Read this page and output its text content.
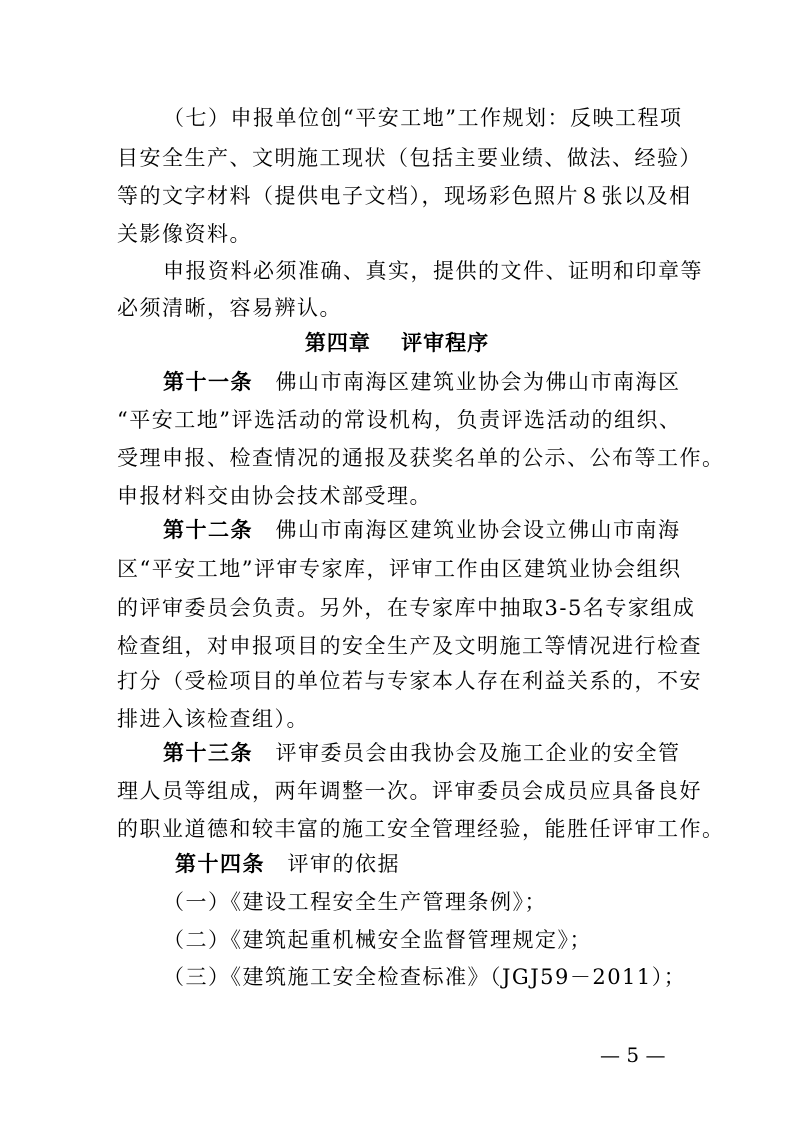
（七）申报单位创“平安工地”工作规划：反映工程项
目安全生产、文明施工现状（包括主要业绩、做法、经验）
等的文字材料（提供电子文档），现场彩色照片８张以及相
关影像资料。
申报资料必须准确、真实，提供的文件、证明和印章等
必须清晰，容易辨认。
第四章　 评审程序
第十一条　佛山市南海区建筑业协会为佛山市南海区
“平安工地”评选活动的常设机构，负责评选活动的组织、
受理申报、检查情况的通报及获奖名单的公示、公布等工作。
申报材料交由协会技术部受理。
第十二条　佛山市南海区建筑业协会设立佛山市南海
区“平安工地”评审专家库，评审工作由区建筑业协会组织
的评审委员会负责。另外，在专家库中抽取3-5名专家组成
检查组，对申报项目的安全生产及文明施工等情况进行检查
打分（受检项目的单位若与专家本人存在利益关系的，不安
排进入该检查组）。
第十三条　评审委员会由我协会及施工企业的安全管
理人员等组成，两年调整一次。评审委员会成员应具备良好
的职业道德和较丰富的施工安全管理经验，能胜任评审工作。
第十四条　评审的依据
（一）《建设工程安全生产管理条例》；
（二）《建筑起重机械安全监督管理规定》；
（三）《建筑施工安全检查标准》（JGJ59－2011）；
— 5 —
